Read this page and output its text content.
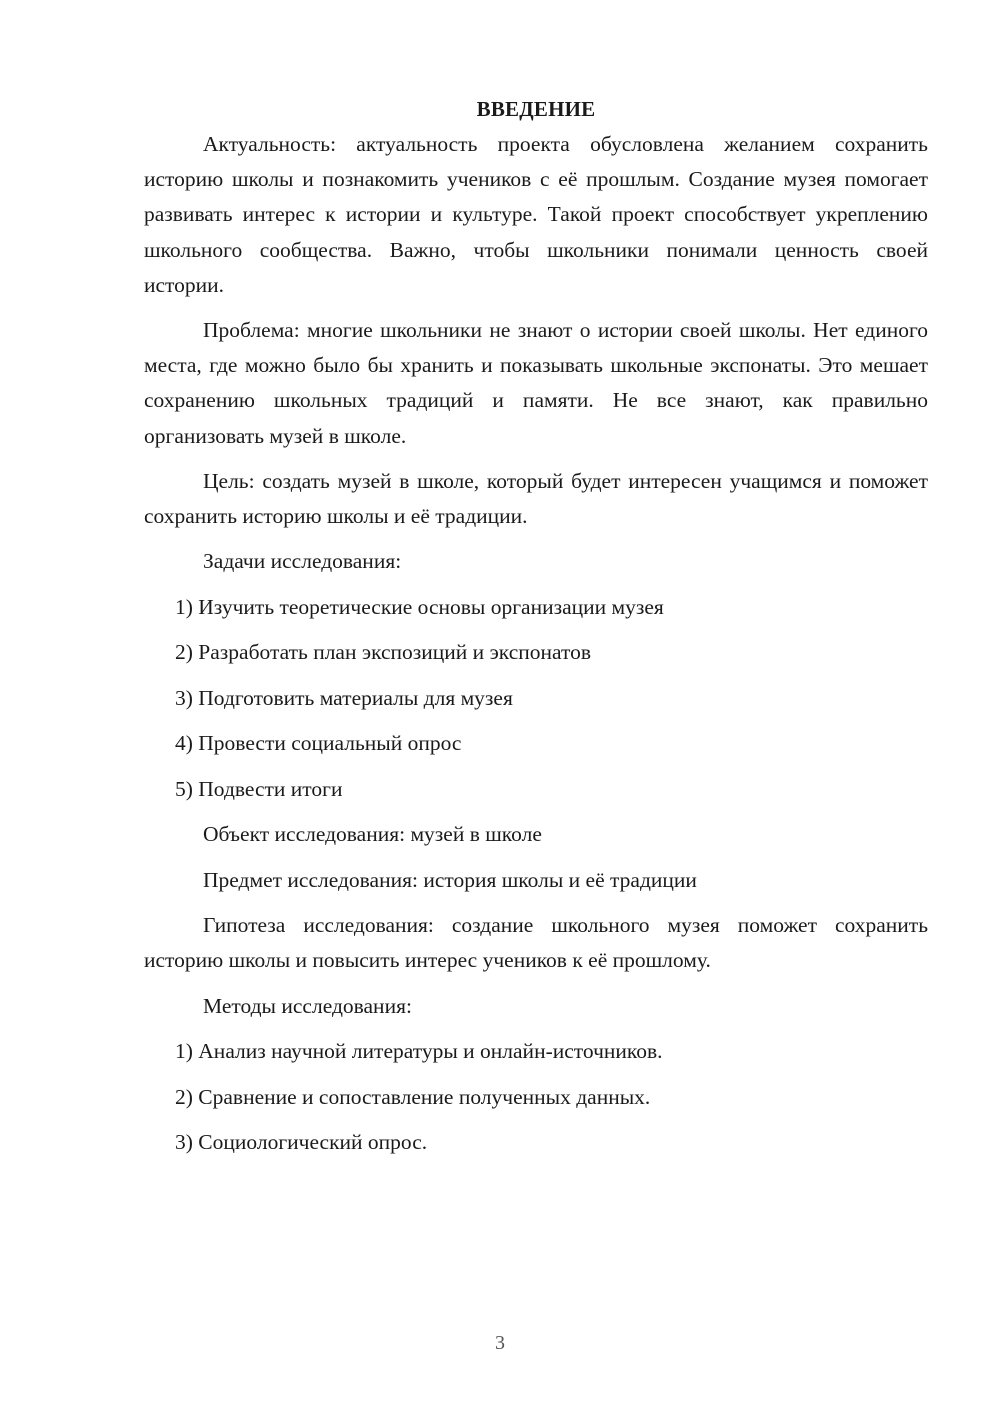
ВВЕДЕНИЕ

Актуальность: актуальность проекта обусловлена желанием сохранить историю школы и познакомить учеников с её прошлым. Создание музея помогает развивать интерес к истории и культуре. Такой проект способствует укреплению школьного сообщества. Важно, чтобы школьники понимали ценность своей истории.

Проблема: многие школьники не знают о истории своей школы. Нет единого места, где можно было бы хранить и показывать школьные экспонаты. Это мешает сохранению школьных традиций и памяти. Не все знают, как правильно организовать музей в школе.

Цель: создать музей в школе, который будет интересен учащимся и поможет сохранить историю школы и её традиции.

Задачи исследования:
1) Изучить теоретические основы организации музея
2) Разработать план экспозиций и экспонатов
3) Подготовить материалы для музея
4) Провести социальный опрос
5) Подвести итоги
Объект исследования: музей в школе
Предмет исследования: история школы и её традиции

Гипотеза исследования: создание школьного музея поможет сохранить историю школы и повысить интерес учеников к её прошлому.

Методы исследования:
1) Анализ научной литературы и онлайн-источников.
2) Сравнение и сопоставление полученных данных.
3) Социологический опрос.
3
